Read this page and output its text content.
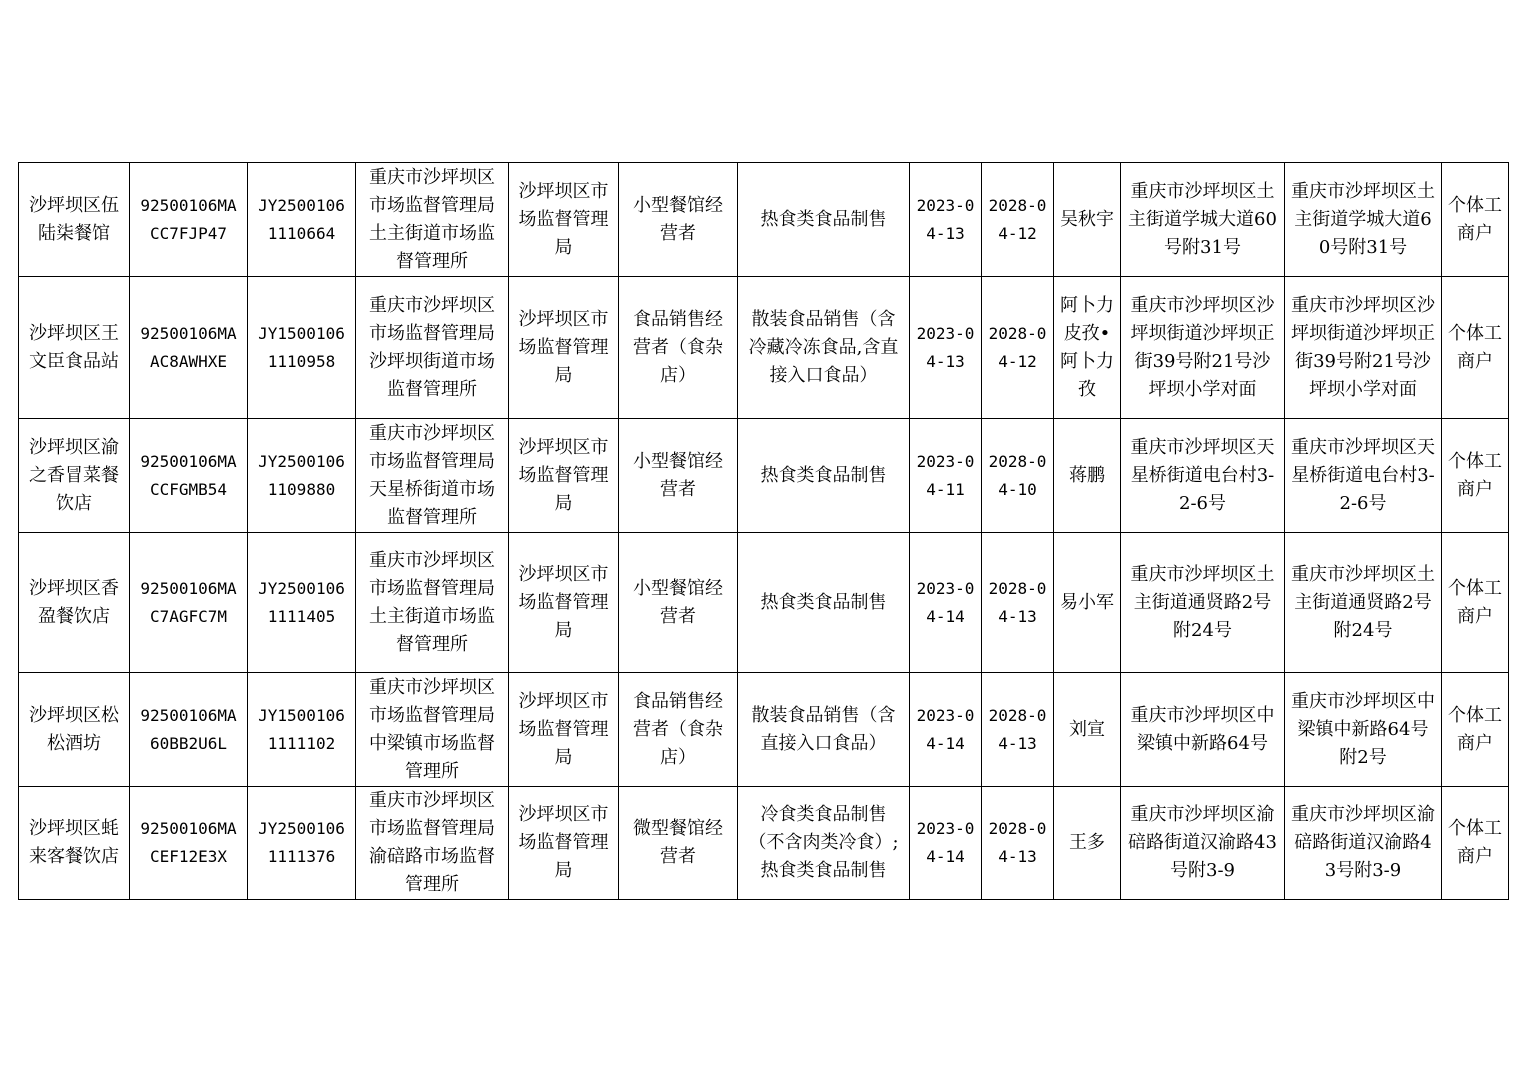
沙坪坝区伍陆柒餐馆	92500106MACC7FJP47	JY25001061110664	重庆市沙坪坝区市场监督管理局土主街道市场监督管理所	沙坪坝区市场监督管理局	小型餐馆经营者	热食类食品制售	2023-04-13	2028-04-12	吴秋宇	重庆市沙坪坝区土主街道学城大道60号附31号	重庆市沙坪坝区土主街道学城大道60号附31号	个体工商户
沙坪坝区王文臣食品站	92500106MAAC8AWHXE	JY15001061110958	重庆市沙坪坝区市场监督管理局沙坪坝街道市场监督管理所	沙坪坝区市场监督管理局	食品销售经营者（食杂店）	散装食品销售（含冷藏冷冻食品,含直接入口食品）	2023-04-13	2028-04-12	阿卜力皮孜•阿卜力孜	重庆市沙坪坝区沙坪坝街道沙坪坝正街39号附21号沙坪坝小学对面	重庆市沙坪坝区沙坪坝街道沙坪坝正街39号附21号沙坪坝小学对面	个体工商户
沙坪坝区渝之香冒菜餐饮店	92500106MACCFGMB54	JY25001061109880	重庆市沙坪坝区市场监督管理局天星桥街道市场监督管理所	沙坪坝区市场监督管理局	小型餐馆经营者	热食类食品制售	2023-04-11	2028-04-10	蒋鹏	重庆市沙坪坝区天星桥街道电台村3-2-6号	重庆市沙坪坝区天星桥街道电台村3-2-6号	个体工商户
沙坪坝区香盈餐饮店	92500106MAC7AGFC7M	JY25001061111405	重庆市沙坪坝区市场监督管理局土主街道市场监督管理所	沙坪坝区市场监督管理局	小型餐馆经营者	热食类食品制售	2023-04-14	2028-04-13	易小军	重庆市沙坪坝区土主街道通贤路2号附24号	重庆市沙坪坝区土主街道通贤路2号附24号	个体工商户
沙坪坝区松松酒坊	92500106MA60BB2U6L	JY15001061111102	重庆市沙坪坝区市场监督管理局中梁镇市场监督管理所	沙坪坝区市场监督管理局	食品销售经营者（食杂店）	散装食品销售（含直接入口食品）	2023-04-14	2028-04-13	刘宣	重庆市沙坪坝区中梁镇中新路64号	重庆市沙坪坝区中梁镇中新路64号附2号	个体工商户
沙坪坝区蚝来客餐饮店	92500106MACEF12E3X	JY25001061111376	重庆市沙坪坝区市场监督管理局渝碚路市场监督管理所	沙坪坝区市场监督管理局	微型餐馆经营者	冷食类食品制售（不含肉类冷食）;热食类食品制售	2023-04-14	2028-04-13	王多	重庆市沙坪坝区渝碚路街道汉渝路43号附3-9	重庆市沙坪坝区渝碚路街道汉渝路43号附3-9	个体工商户
